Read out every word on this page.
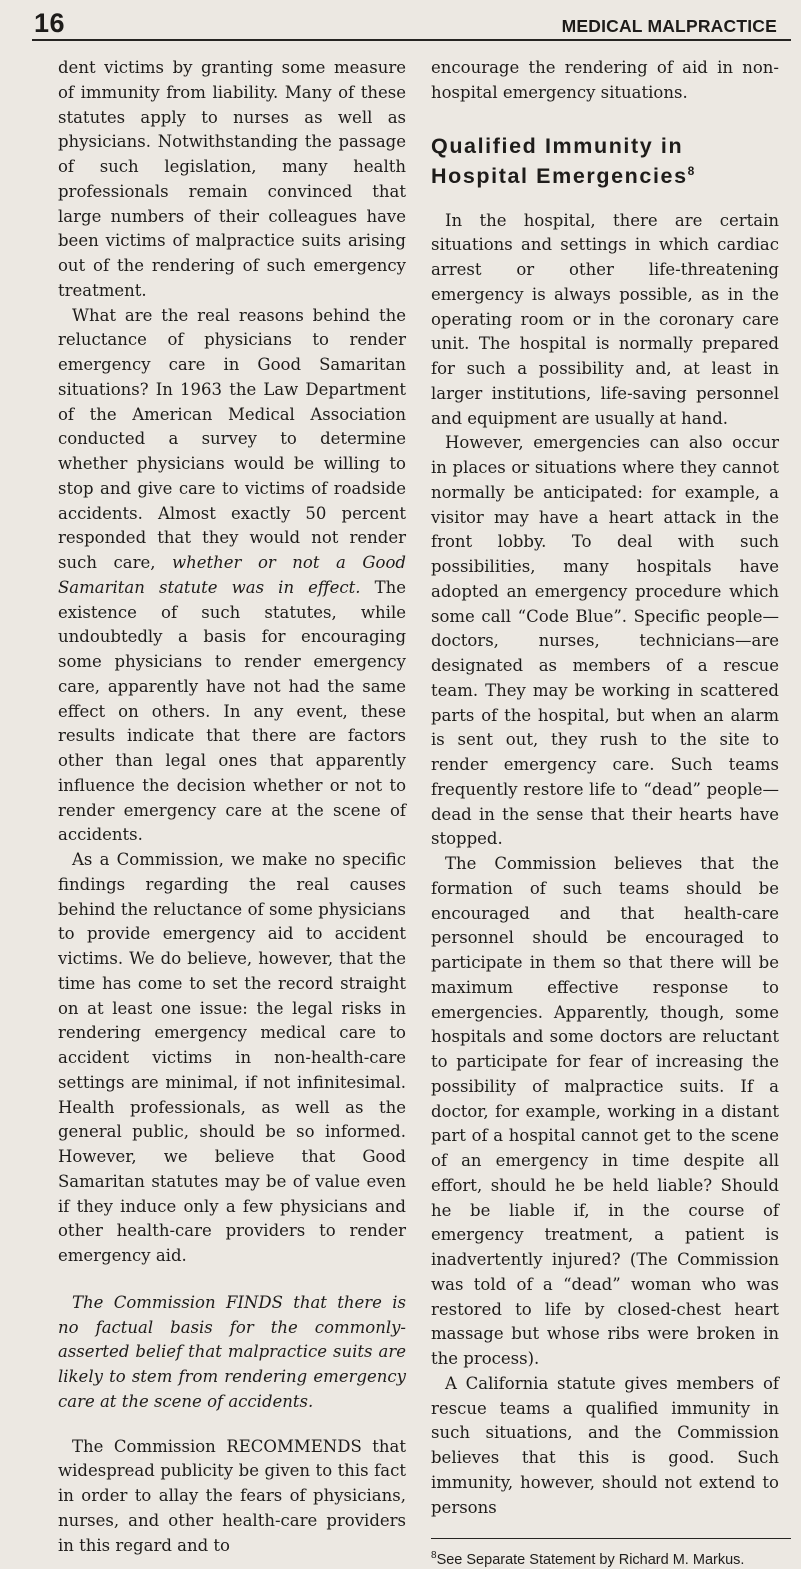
16	MEDICAL MALPRACTICE

dent victims by granting some measure of immunity from liability. Many of these statutes apply to nurses as well as physicians. Notwithstanding the passage of such legislation, many health professionals remain convinced that large numbers of their colleagues have been victims of malpractice suits arising out of the rendering of such emergency treatment.

What are the real reasons behind the reluctance of physicians to render emergency care in Good Samaritan situations? In 1963 the Law Department of the American Medical Association conducted a survey to determine whether physicians would be willing to stop and give care to victims of roadside accidents. Almost exactly 50 percent responded that they would not render such care, whether or not a Good Samaritan statute was in effect. The existence of such statutes, while undoubtedly a basis for encouraging some physicians to render emergency care, apparently have not had the same effect on others. In any event, these results indicate that there are factors other than legal ones that apparently influence the decision whether or not to render emergency care at the scene of accidents.

As a Commission, we make no specific findings regarding the real causes behind the reluctance of some physicians to provide emergency aid to accident victims. We do believe, however, that the time has come to set the record straight on at least one issue: the legal risks in rendering emergency medical care to accident victims in non-health-care settings are minimal, if not infinitesimal. Health professionals, as well as the general public, should be so informed. However, we believe that Good Samaritan statutes may be of value even if they induce only a few physicians and other health-care providers to render emergency aid.

The Commission FINDS that there is no factual basis for the commonly-asserted belief that malpractice suits are likely to stem from rendering emergency care at the scene of accidents.

The Commission RECOMMENDS that widespread publicity be given to this fact in order to allay the fears of physicians, nurses, and other health-care providers in this regard and to

encourage the rendering of aid in non-hospital emergency situations.

Qualified Immunity in Hospital Emergencies$^8$

In the hospital, there are certain situations and settings in which cardiac arrest or other life-threatening emergency is always possible, as in the operating room or in the coronary care unit. The hospital is normally prepared for such a possibility and, at least in larger institutions, life-saving personnel and equipment are usually at hand.

However, emergencies can also occur in places or situations where they cannot normally be anticipated: for example, a visitor may have a heart attack in the front lobby. To deal with such possibilities, many hospitals have adopted an emergency procedure which some call “Code Blue”. Specific people—doctors, nurses, technicians—are designated as members of a rescue team. They may be working in scattered parts of the hospital, but when an alarm is sent out, they rush to the site to render emergency care. Such teams frequently restore life to “dead” people—dead in the sense that their hearts have stopped.

The Commission believes that the formation of such teams should be encouraged and that health-care personnel should be encouraged to participate in them so that there will be maximum effective response to emergencies. Apparently, though, some hospitals and some doctors are reluctant to participate for fear of increasing the possibility of malpractice suits. If a doctor, for example, working in a distant part of a hospital cannot get to the scene of an emergency in time despite all effort, should he be held liable? Should he be liable if, in the course of emergency treatment, a patient is inadvertently injured? (The Commission was told of a “dead” woman who was restored to life by closed-chest heart massage but whose ribs were broken in the process).

A California statute gives members of rescue teams a qualified immunity in such situations, and the Commission believes that this is good. Such immunity, however, should not extend to persons

$^8$See Separate Statement by Richard M. Markus.
